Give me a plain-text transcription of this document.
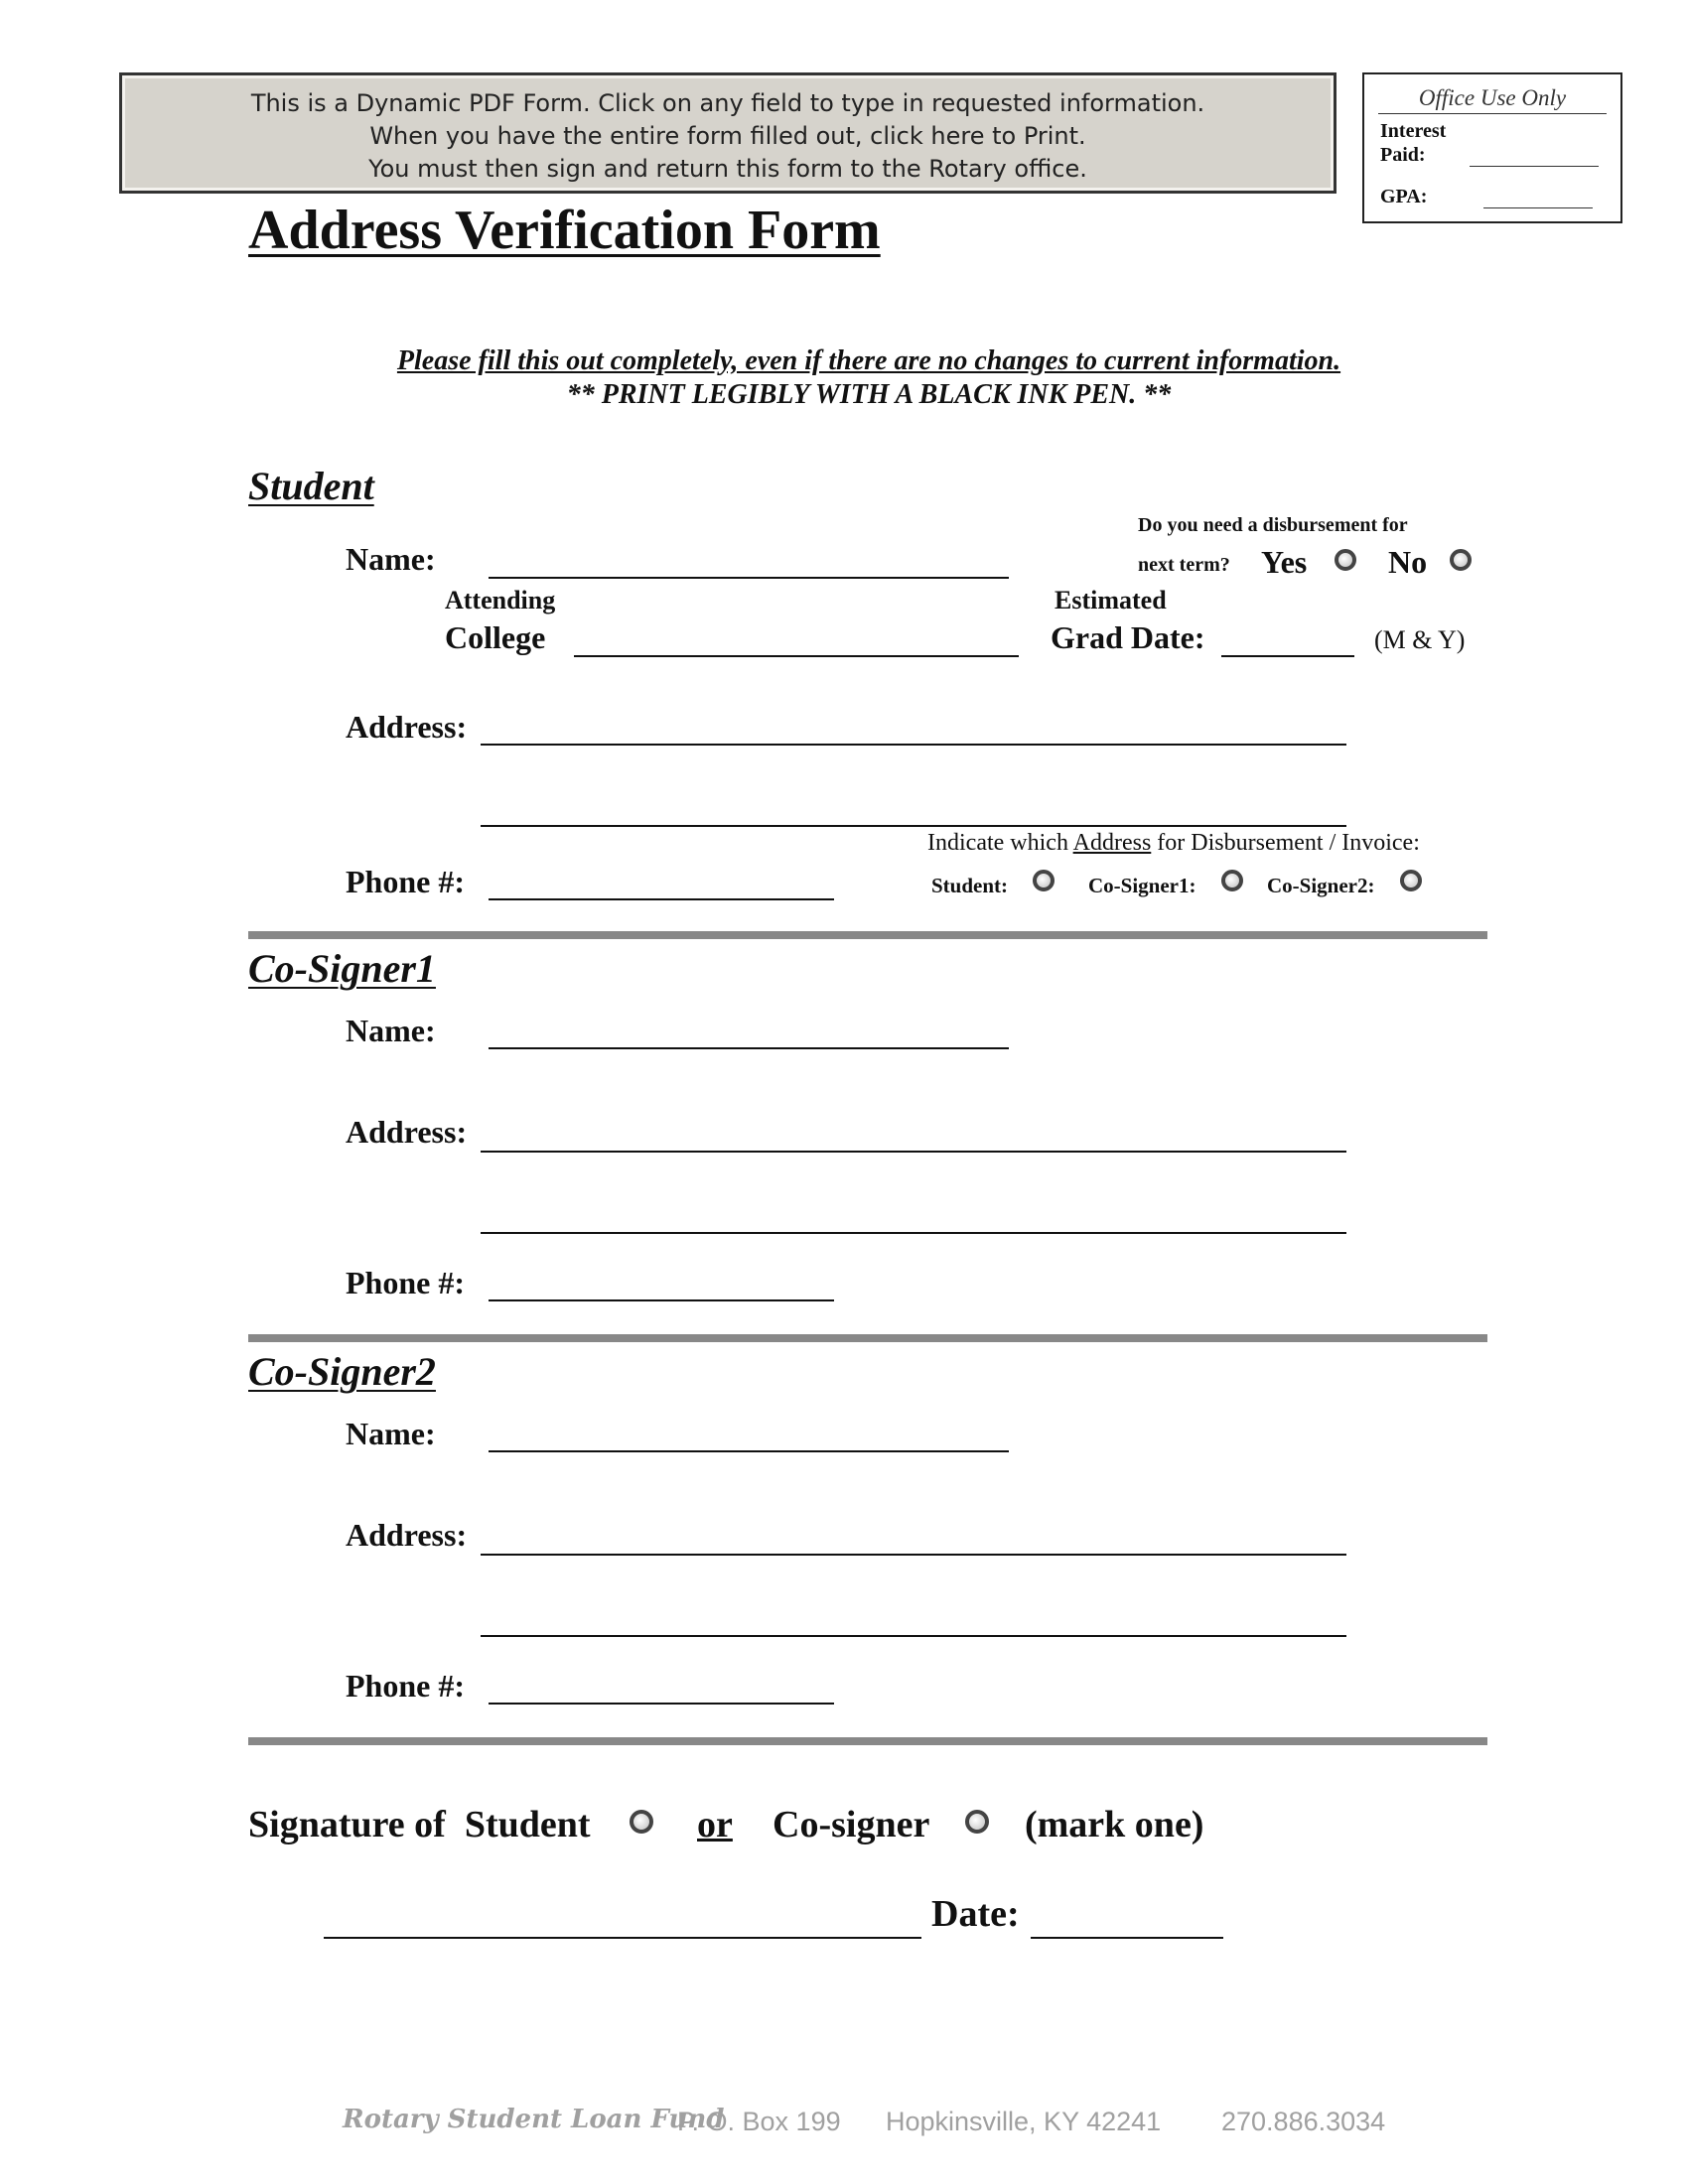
This is a Dynamic PDF Form. Click on any field to type in requested information.
When you have the entire form filled out, click here to Print.
You must then sign and return this form to the Rotary office.
Office Use Only
Interest
Paid:
GPA:
Address Verification Form
Please fill this out completely, even if there are no changes to current information.
** PRINT LEGIBLY WITH A BLACK INK PEN. **
Student
Name:
Do you need a disbursement for
next term? Yes	No
Attending
College
Estimated
Grad Date:	(M & Y)
Address:
Indicate which Address for Disbursement / Invoice:
Phone #:	Student:	Co-Signer1:	Co-Signer2:
Co-Signer1
Name:
Address:
Phone #:
Co-Signer2
Name:
Address:
Phone #:
Signature of  Student	or Co-signer	(mark one)
Date:
Rotary Student Loan Fund
P. O. Box 199 Hopkinsville, KY 42241 270.886.3034
